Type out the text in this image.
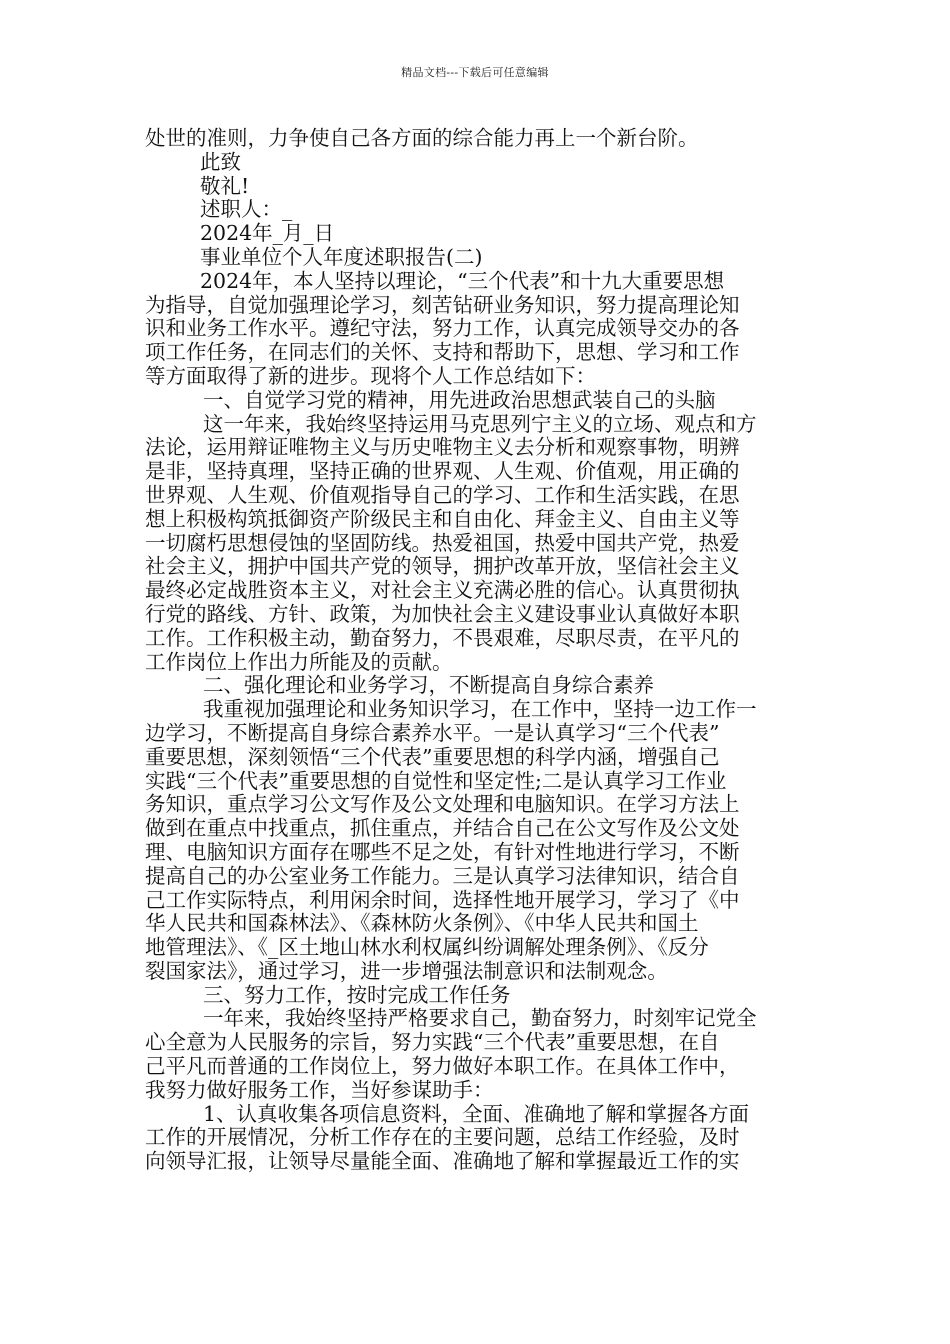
精品文档---下载后可任意编辑
处世的准则，力争使自己各方面的综合能力再上一个新台阶。
此致
敬礼!
述职人：_
2024年_月_日
事业单位个人年度述职报告(二)
2024年，本人坚持以理论，“三个代表”和十九大重要思想
为指导，自觉加强理论学习，刻苦钻研业务知识，努力提高理论知
识和业务工作水平。遵纪守法，努力工作，认真完成领导交办的各
项工作任务，在同志们的关怀、支持和帮助下，思想、学习和工作
等方面取得了新的进步。现将个人工作总结如下：
一、自觉学习党的精神，用先进政治思想武装自己的头脑
这一年来，我始终坚持运用马克思列宁主义的立场、观点和方
法论，运用辩证唯物主义与历史唯物主义去分析和观察事物，明辨
是非，坚持真理，坚持正确的世界观、人生观、价值观，用正确的
世界观、人生观、价值观指导自己的学习、工作和生活实践，在思
想上积极构筑抵御资产阶级民主和自由化、拜金主义、自由主义等
一切腐朽思想侵蚀的坚固防线。热爱祖国，热爱中国共产党，热爱
社会主义，拥护中国共产党的领导，拥护改革开放，坚信社会主义
最终必定战胜资本主义，对社会主义充满必胜的信心。认真贯彻执
行党的路线、方针、政策，为加快社会主义建设事业认真做好本职
工作。工作积极主动，勤奋努力，不畏艰难，尽职尽责，在平凡的
工作岗位上作出力所能及的贡献。
二、强化理论和业务学习，不断提高自身综合素养
我重视加强理论和业务知识学习，在工作中，坚持一边工作一
边学习，不断提高自身综合素养水平。一是认真学习“三个代表”
重要思想，深刻领悟“三个代表”重要思想的科学内涵，增强自己
实践“三个代表”重要思想的自觉性和坚定性;二是认真学习工作业
务知识，重点学习公文写作及公文处理和电脑知识。在学习方法上
做到在重点中找重点，抓住重点，并结合自己在公文写作及公文处
理、电脑知识方面存在哪些不足之处，有针对性地进行学习，不断
提高自己的办公室业务工作能力。三是认真学习法律知识，结合自
己工作实际特点，利用闲余时间，选择性地开展学习，学习了《中
华人民共和国森林法》、《森林防火条例》、《中华人民共和国土
地管理法》、《_区土地山林水利权属纠纷调解处理条例》、《反分
裂国家法》，通过学习，进一步增强法制意识和法制观念。
三、努力工作，按时完成工作任务
一年来，我始终坚持严格要求自己，勤奋努力，时刻牢记党全
心全意为人民服务的宗旨，努力实践“三个代表”重要思想，在自
己平凡而普通的工作岗位上，努力做好本职工作。在具体工作中，
我努力做好服务工作，当好参谋助手：
1、认真收集各项信息资料，全面、准确地了解和掌握各方面
工作的开展情况，分析工作存在的主要问题，总结工作经验，及时
向领导汇报，让领导尽量能全面、准确地了解和掌握最近工作的实
